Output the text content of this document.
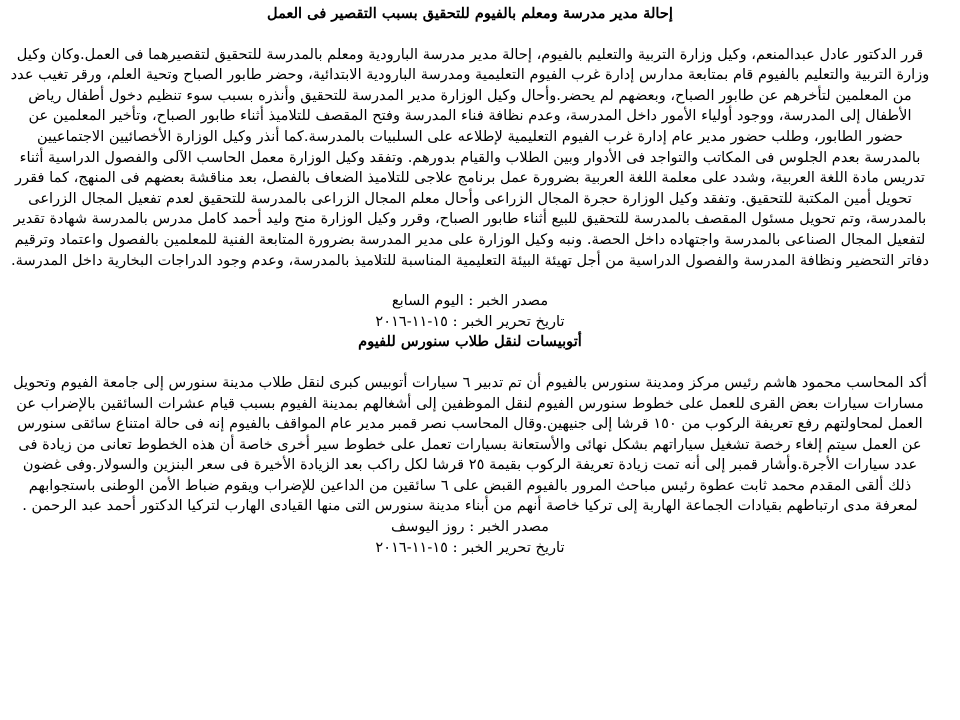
إحالة مدير مدرسة ومعلم بالفيوم للتحقيق بسبب التقصير فى العمل

قرر الدكتور عادل عبدالمنعم، وكيل وزارة التربية والتعليم بالفيوم، إحالة مدير مدرسة البارودية ومعلم بالمدرسة للتحقيق لتقصيرهما فى العمل.وكان وكيل وزارة التربية والتعليم بالفيوم قام بمتابعة مدارس إدارة غرب الفيوم التعليمية ومدرسة البارودية الابتدائية، وحضر طابور الصباح وتحية العلم، ورقر تغيب عدد من المعلمين لتأخرهم عن طابور الصباح، وبعضهم لم يحضر.وأحال وكيل الوزارة مدير المدرسة للتحقيق وأنذره بسبب سوء تنظيم دخول أطفال رياض الأطفال إلى المدرسة، ووجود أولياء الأمور داخل المدرسة، وعدم نظافة فناء المدرسة وفتح المقصف للتلاميذ أثناء طابور الصباح، وتأخير المعلمين عن حضور الطابور، وطلب حضور مدير عام إدارة غرب الفيوم التعليمية لإطلاعه على السلبيات بالمدرسة.كما أنذر وكيل الوزارة الأخصائيين الاجتماعيين بالمدرسة بعدم الجلوس فى المكاتب والتواجد فى الأدوار وبين الطلاب والقيام بدورهم. وتفقد وكيل الوزارة معمل الحاسب الآلى والفصول الدراسية أثناء تدريس مادة اللغة العربية، وشدد على معلمة اللغة العربية بضرورة عمل برنامج علاجى للتلاميذ الضعاف بالفصل، بعد مناقشة بعضهم فى المنهج، كما فقرر تحويل أمين المكتبة للتحقيق. وتفقد وكيل الوزارة حجرة المجال الزراعى وأحال معلم المجال الزراعى بالمدرسة للتحقيق لعدم تفعيل المجال الزراعى بالمدرسة، وتم تحويل مسئول المقصف بالمدرسة للتحقيق للبيع أثناء طابور الصباح، وقرر وكيل الوزارة منح وليد أحمد كامل مدرس بالمدرسة شهادة تقدير لتفعيل المجال الصناعى بالمدرسة واجتهاده داخل الحصة. ونبه وكيل الوزارة على مدير المدرسة بضرورة المتابعة الفنية للمعلمين بالفصول واعتماد وترقيم دفاتر التحضير ونظافة المدرسة والفصول الدراسية من أجل تهيئة البيئة التعليمية المناسبة للتلاميذ بالمدرسة، وعدم وجود الدراجات البخارية داخل المدرسة.

مصدر الخبر : اليوم السابع
تاريخ تحرير الخبر : ١٥-١١-٢٠١٦
أتوبيسات لنقل طلاب سنورس للفيوم

أكد المحاسب محمود هاشم رئيس مركز ومدينة سنورس بالفيوم أن تم تدبير ٦ سيارات أتوبيس كبرى لنقل طلاب مدينة سنورس إلى جامعة الفيوم وتحويل مسارات سيارات بعض القرى للعمل على خطوط سنورس الفيوم لنقل الموظفين إلى أشغالهم بمدينة الفيوم بسبب قيام عشرات السائقين بالإضراب عن العمل لمحاولتهم رفع تعريفة الركوب من ١٥٠ قرشا إلى جنيهين.وقال المحاسب نصر قمبر مدير عام المواقف بالفيوم إنه فى حالة امتناع سائقى سنورس عن العمل سيتم إلغاء رخصة تشغيل سياراتهم بشكل نهائى والأستعانة بسيارات تعمل على خطوط سير أخرى خاصة أن هذه الخطوط تعانى من زيادة فى عدد سيارات الأجرة.وأشار قمبر إلى أنه تمت زيادة تعريفة الركوب بقيمة ٢٥ قرشا لكل راكب بعد الزيادة الأخيرة فى سعر البنزين والسولار.وفى غضون ذلك ألقى المقدم محمد ثابت عطوة رئيس مباحث المرور بالفيوم القبض على ٦ سائقين من الداعين للإضراب ويقوم ضباط الأمن الوطنى باستجوابهم لمعرفة مدى ارتباطهم بقيادات الجماعة الهاربة إلى تركيا خاصة أنهم من أبناء مدينة سنورس التى منها القيادى الهارب لتركيا الدكتور أحمد عبد الرحمن .

مصدر الخبر : روز اليوسف
تاريخ تحرير الخبر : ١٥-١١-٢٠١٦
